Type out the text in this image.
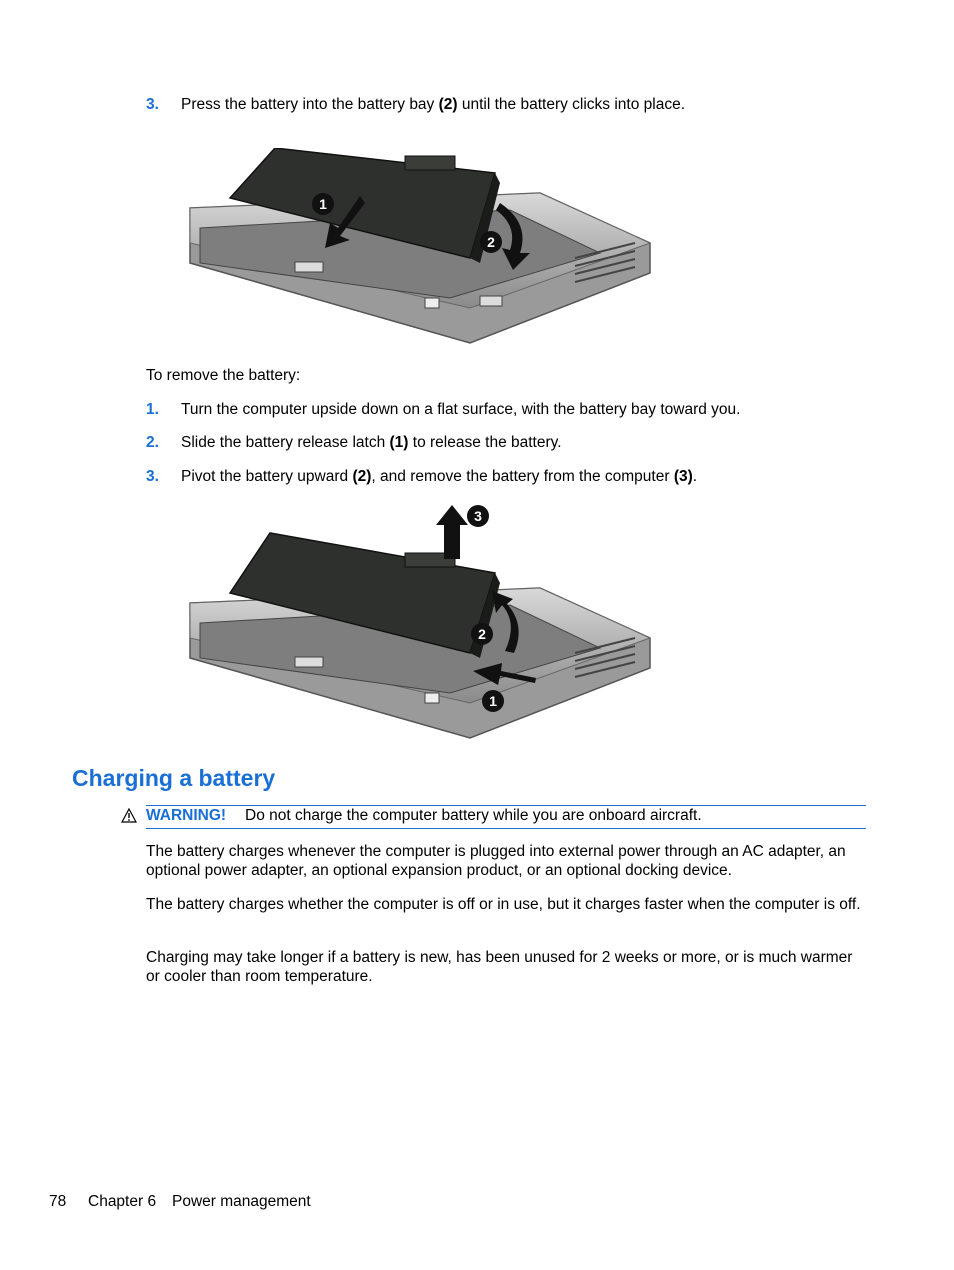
3. Press the battery into the battery bay (2) until the battery clicks into place.
1
2
To remove the battery:
1. Turn the computer upside down on a flat surface, with the battery bay toward you.
2. Slide the battery release latch (1) to release the battery.
3. Pivot the battery upward (2), and remove the battery from the computer (3).
3
2
1
Charging a battery
WARNING! Do not charge the computer battery while you are onboard aircraft.
The battery charges whenever the computer is plugged into external power through an AC adapter, an optional power adapter, an optional expansion product, or an optional docking device.
The battery charges whether the computer is off or in use, but it charges faster when the computer is off.
Charging may take longer if a battery is new, has been unused for 2 weeks or more, or is much warmer or cooler than room temperature.
78 Chapter 6 Power management
